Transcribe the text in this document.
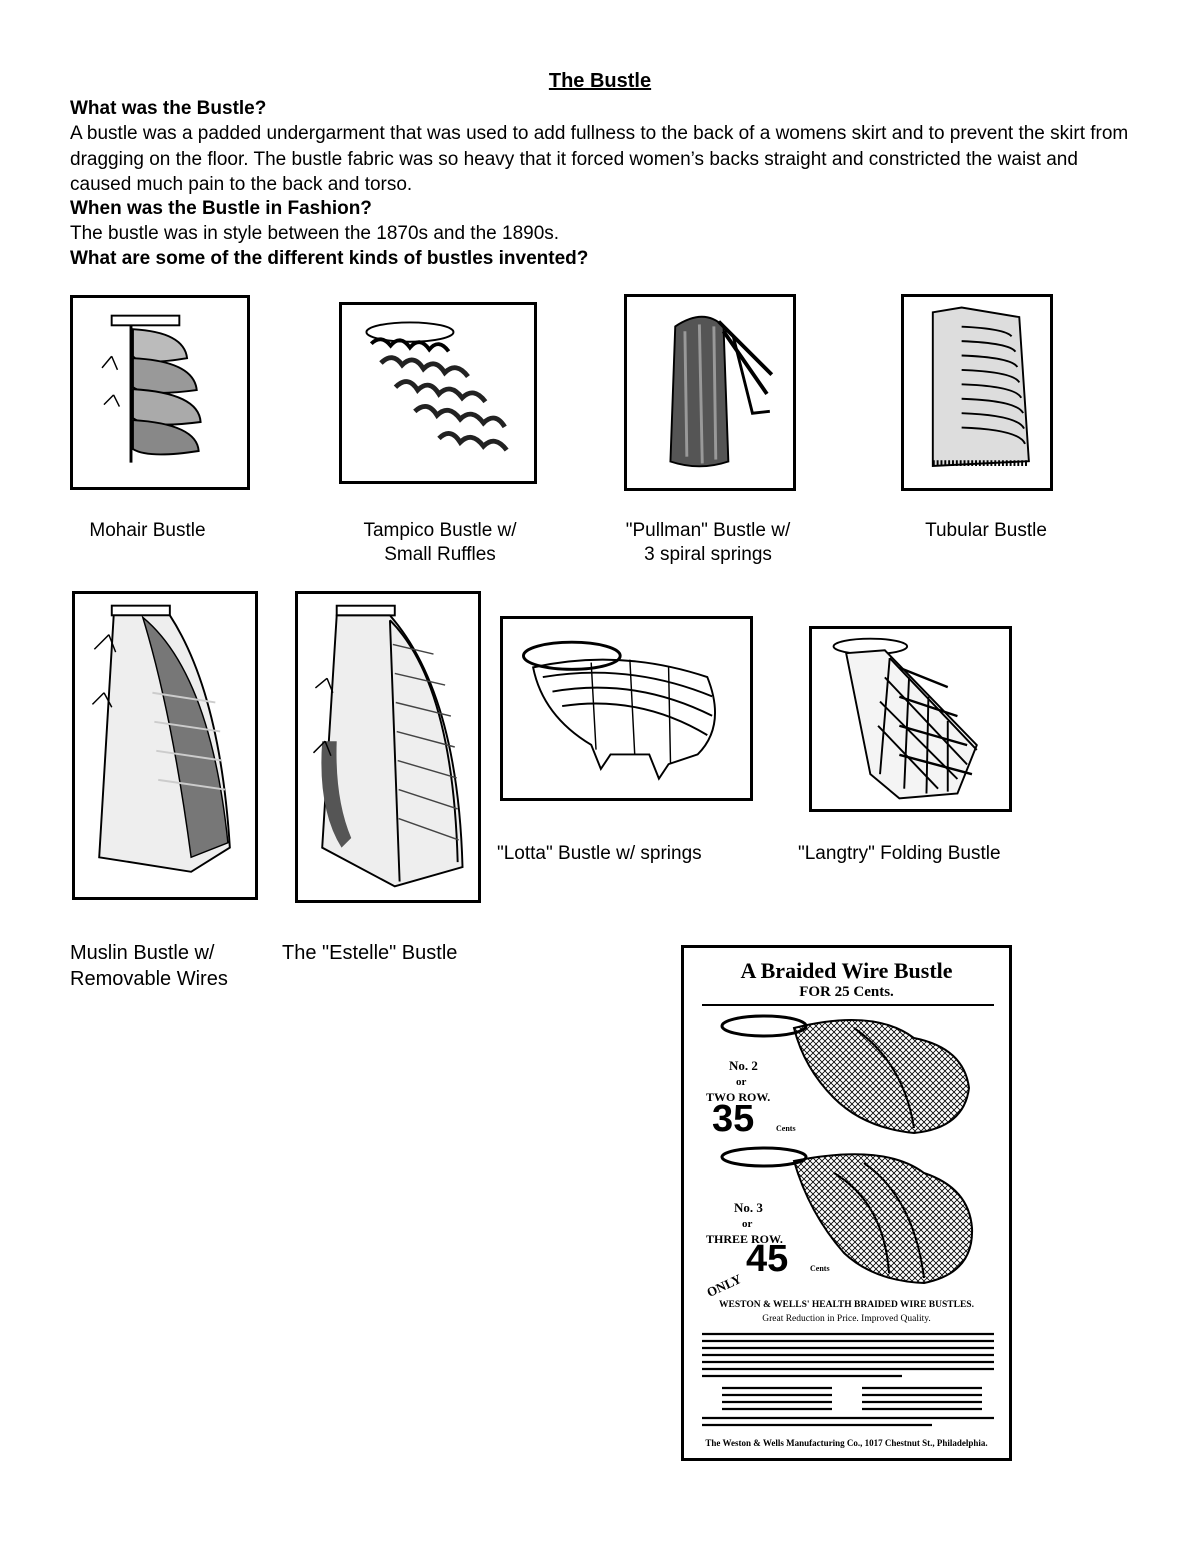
The Bustle
What was the Bustle?
A bustle was a padded undergarment that was used to add fullness to the back of a womens skirt and to prevent the skirt from dragging on the floor. The bustle fabric was so heavy that it forced women’s backs straight and constricted the waist and caused much pain to the back and torso.
When was the Bustle in Fashion?
The bustle was in style between the 1870s and the 1890s.
What are some of the different kinds of bustles invented?
Mohair Bustle	Tampico Bustle w/
Small Ruffles
"Pullman" Bustle w/
3 spiral springs
Tubular Bustle
"Lotta" Bustle w/ springs	"Langtry" Folding Bustle
Muslin Bustle w/
Removable Wires
The "Estelle" Bustle
A Braided Wire Bustle
FOR 25 Cents.
No. 2
or
TWO ROW.
35	Cents
No. 3
or
THREE ROW.
ONLY
45	Cents
WESTON & WELLS' HEALTH BRAIDED WIRE BUSTLES.
Great Reduction in Price. Improved Quality.
The Weston & Wells Manufacturing Co., 1017 Chestnut St., Philadelphia.
